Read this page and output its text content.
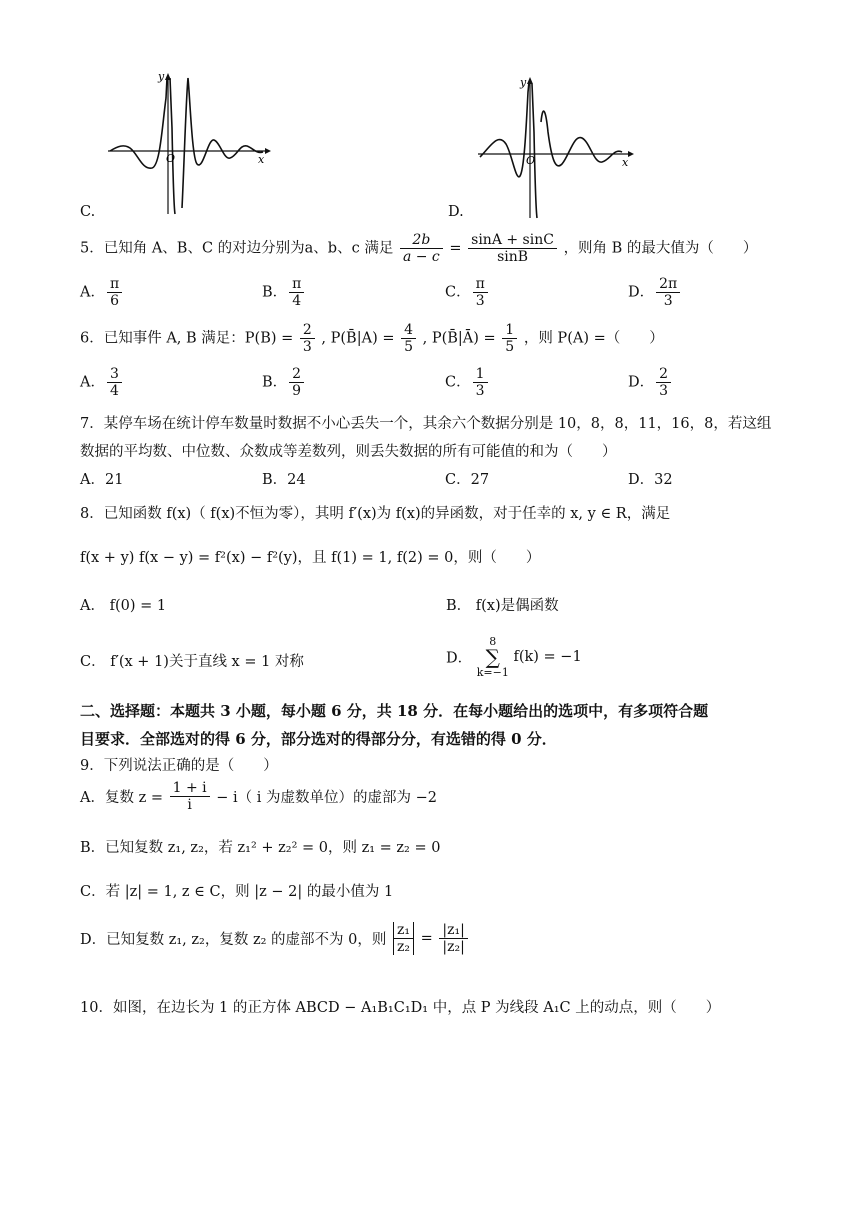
y
x
O
C.
y
x
O
D.
5．已知角 A、B、C 的对边分别为a、b、c 满足 $\frac{2b}{a - c} = \frac{\sin A + \sin C}{\sin B}$ ，则角 B 的最大值为（　　）
A． $\frac{\pi}{6}$	B． $\frac{\pi}{4}$	C． $\frac{\pi}{3}$	D． $\frac{2\pi}{3}$
6．已知事件 A, B 满足：$P(B) = \frac{2}{3}$ , P(B̄|A) = $\frac{4}{5}$ , P(B̄|Ā) = $\frac{1}{5}$ ，则 P(A) =（　　）
A． $\frac{3}{4}$	B． $\frac{2}{9}$	C． $\frac{1}{3}$	D． $\frac{2}{3}$
7．某停车场在统计停车数量时数据不小心丢失一个，其余六个数据分别是 10，8，8，11，16，8，若这组
数据的平均数、中位数、众数成等差数列，则丢失数据的所有可能值的和为（　　）
A．21	B．24	C．27	D．32
8．已知函数 f(x)（ f(x)不恒为零），其明 f′(x)为 f(x)的异函数，对于任幸的 x, y ∈ R，满足
f(x + y) f(x − y) = f²(x) − f²(y)，且 f(1) = 1, f(2) = 0，则（　　）
A． f(0) = 1	B． f(x)是偶函数
C． f′(x + 1)关于直线 x = 1 对称	D．
8
∑
k=−1
f(k) = −1
二、选择题：本题共 3 小题，每小题 6 分，共 18 分．在每小题给出的选项中，有多项符合题
目要求．全部选对的得 6 分，部分选对的得部分分，有选错的得 0 分．
9．下列说法正确的是（　　）
A．复数 $z = \frac{1 + i}{i} - i$（ i 为虚数单位）的虚部为 −2
B．已知复数 z₁, z₂，若 z₁² + z₂² = 0，则 z₁ = z₂ = 0
C．若 |z| = 1, z ∈ C，则 |z − 2| 的最小值为 1
D．已知复数 z₁, z₂，复数 z₂ 的虚部不为 0，则 $\frac{\text{z₁}}{\text{z₂}} = \frac{\text{|z₁|}}{\text{|z₂|}}$
10．如图，在边长为 1 的正方体 ABCD − A₁B₁C₁D₁ 中，点 P 为线段 A₁C 上的动点，则（　　）
